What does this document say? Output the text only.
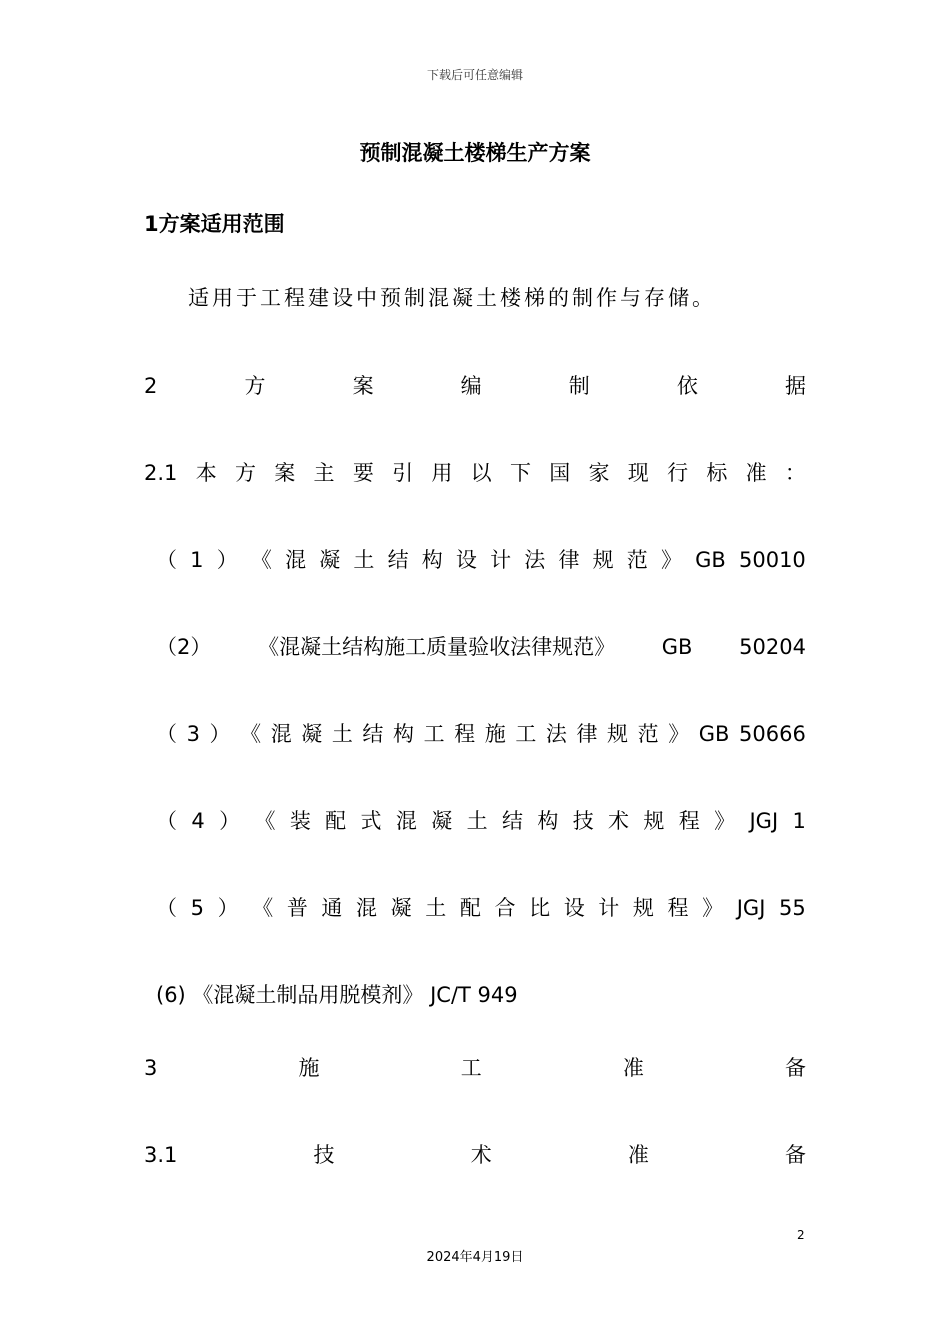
下载后可任意编辑
预制混凝土楼梯生产方案
1方案适用范围
适用于工程建设中预制混凝土楼梯的制作与存储。
2	方	案	编	制	依	据
2.1 本 方 案 主 要 引 用 以 下 国 家 现 行 标 准 ：
（ 1 ） 《 混 凝 土 结 构 设 计 法 律 规 范 》 GB 50010
（2） 《混凝土结构施工质量验收法律规范》 GB 50204
（ 3 ） 《 混 凝 土 结 构 工 程 施 工 法 律 规 范 》 GB 50666
（ 4 ） 《 装 配 式 混 凝 土 结 构 技 术 规 程 》 JGJ 1
（ 5 ） 《 普 通 混 凝 土 配 合 比 设 计 规 程 》 JGJ 55
(6) 《混凝土制品用脱模剂》 JC/T 949
3	施	工	准	备
3.1	技	术	准	备
2
2024年4月19日
